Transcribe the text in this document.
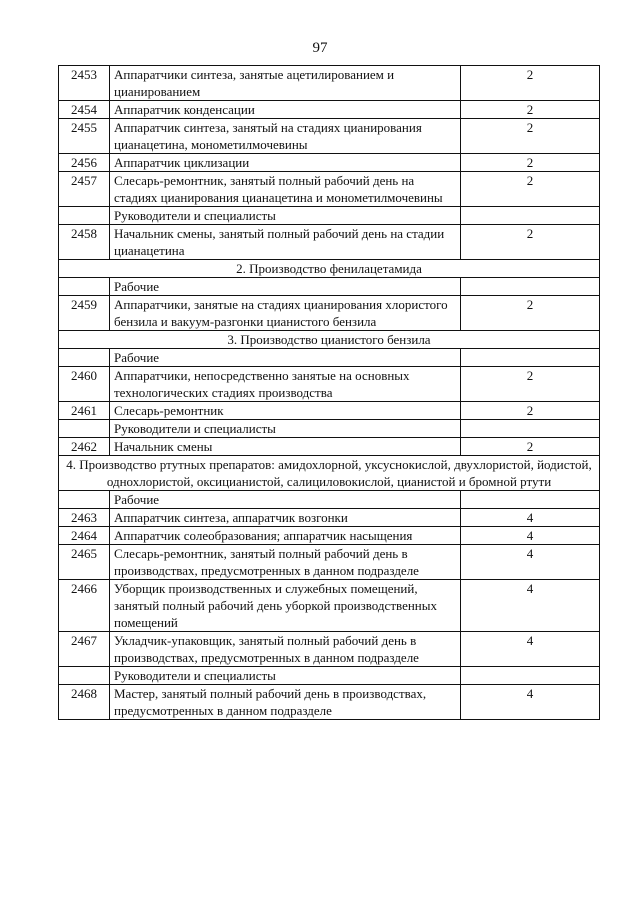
97
2453	Аппаратчики синтеза, занятые ацетилированием и цианированием	2
2454	Аппаратчик конденсации	2
2455	Аппаратчик синтеза, занятый на стадиях цианирования цианацетина, монометилмочевины	2
2456	Аппаратчик циклизации	2
2457	Слесарь-ремонтник, занятый полный рабочий день на стадиях цианирования цианацетина и монометилмочевины	2
	Руководители и специалисты	
2458	Начальник смены, занятый полный рабочий день на стадии цианацетина	2
2. Производство фенилацетамида		
	Рабочие	
2459	Аппаратчики, занятые на стадиях цианирования хлористого бензила и вакуум-разгонки цианистого бензила	2
3. Производство цианистого бензила		
	Рабочие	
2460	Аппаратчики, непосредственно занятые на основных технологических стадиях производства	2
2461	Слесарь-ремонтник	2
	Руководители и специалисты	
2462	Начальник смены	2
4. Производство ртутных препаратов: амидохлорной, уксуснокислой, двухлористой, йодистой, однохлористой, оксицианистой, салициловокислой, цианистой и бромной ртути		
	Рабочие	
2463	Аппаратчик синтеза, аппаратчик возгонки	4
2464	Аппаратчик солеобразования; аппаратчик насыщения	4
2465	Слесарь-ремонтник, занятый полный рабочий день в производствах, предусмотренных в данном подразделе	4
2466	Уборщик производственных и служебных помещений, занятый полный рабочий день уборкой производственных помещений	4
2467	Укладчик-упаковщик, занятый полный рабочий день в производствах, предусмотренных в данном подразделе	4
	Руководители и специалисты	
2468	Мастер, занятый полный рабочий день в производствах, предусмотренных в данном подразделе	4
